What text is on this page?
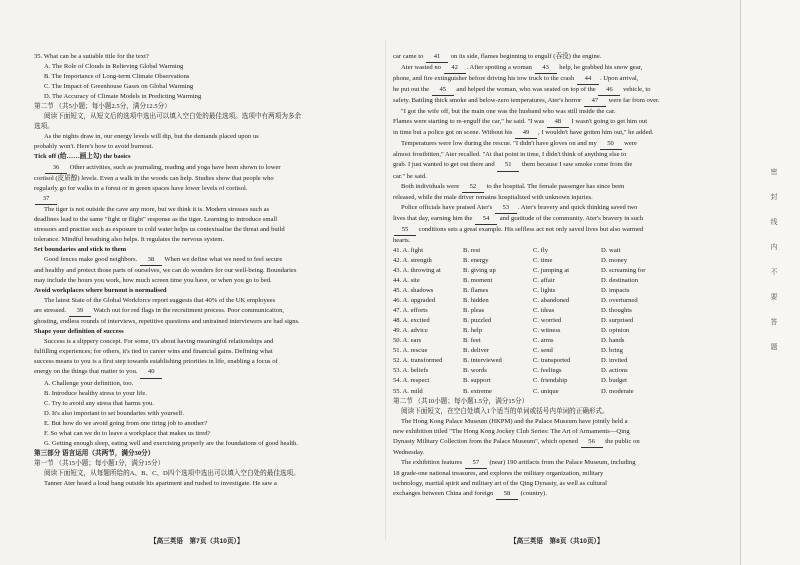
35. What can be a suitable title for the text?
A. The Role of Clouds in Relieving Global Warming
B. The Importance of Long-term Climate Observations
C. The Impact of Greenhouse Gases on Global Warming
D. The Accuracy of Climate Models in Predicting Warming
第二节 （共5小题；每小题2.5分，满分12.5分）
阅读下面短文，从短文后的选项中选出可以填入空白处的最佳选项。选项中有两项为多余
选项。
As the nights draw in, our energy levels will dip, but the demands placed upon us
probably won't. Here's how to avoid burnout.
Tick off (给……画上勾) the basics
36 Other activities, such as journaling, reading and yoga have been shown to lower
cortisol (皮质醇) levels. Even a walk in the woods can help. Studies show that people who
regularly go for walks in a forest or in green spaces have lower levels of cortisol.
37
The tiger is not outside the cave any more, but we think it is. Modern stresses such as
deadlines lead to the same "fight or flight" response as the tiger. Learning to introduce small
stressors and practise such as exposure to cold water helps us contextualise the threat and build
tolerance. Mindful breathing also helps. It regulates the nervous system.
Set boundaries and stick to them
Good fences make good neighbors. 38 When we define what we need to feel secure
and healthy and protect those parts of ourselves, we can do wonders for our well-being. Boundaries
may include the hours you work, how much screen time you have, or when you go to bed.
Avoid workplaces where burnout is normalised
The latest State of the Global Workforce report suggests that 40% of the UK employees
are stressed. 39 Watch out for red flags in the recruitment process. Poor communication,
ghosting, endless rounds of interviews, repetitive questions and untrained interviewers are bad signs.
Shape your definition of success
Success is a slippery concept. For some, it's about having meaningful relationships and
fulfilling experiences; for others, it's tied to career wins and financial gains. Defining what
success means to you is a first step towards establishing priorities in life, enabling a focus of
energy on the things that matter to you. 40
A. Challenge your definition, too.
B. Introduce healthy stress to your life.
C. Try to avoid any stress that harms you.
D. It's also important to set boundaries with yourself.
E. But how do we avoid going from one tiring job to another?
F. So what can we do to leave a workplace that makes us tired?
G. Getting enough sleep, eating well and exercising properly are the foundations of good health.
第三部分 语言运用（共两节，满分30分）
第一节 （共15小题；每小题1分，满分15分）
阅读下面短文，从每题所给的A、B、C、D四个选项中选出可以填入空白处的最佳选项。
Tanner Ater heard a loud bang outside his apartment and rushed to investigate. He saw a
【高三英语　第7页（共10页）】
car came to 41 on its side, flames beginning to engulf (吞没) the engine.
Ater wasted no 42 . After spotting a woman 43 help, he grabbed his snow gear,
phone, and fire extinguisher before driving his tow truck to the crash 44 . Upon arrival,
he put out the 45 and helped the woman, who was seated on top of the 46 vehicle, to
safety. Battling thick smoke and below-zero temperatures, Ater's horror 47 were far from over.
"I got the wife off, but the main one was the husband who was still inside the car.
Flames were starting to re-engulf the car," he said. "I was 48 I wasn't going to get him out
in time but a police got on scene. Without his 49 , I wouldn't have gotten him out," he added.
Temperatures were low during the rescue. "I didn't have gloves on and my 50 were
almost frostbitten," Ater recalled. "At that point in time, I didn't think of anything else to
grab. I just wanted to get out there and 51 them because I saw smoke come from the
car." he said.
Both individuals were 52 to the hospital. The female passenger has since been
released, while the male driver remains hospitalized with unknown injuries.
Police officials have praised Ater's 53 . Ater's bravery and quick thinking saved two
lives that day, earning him the 54 and gratitude of the community. Ater's bravery in such
55 conditions sets a great example. His selfless act not only saved lives but also warmed
hearts.
41. A. fight	B. rest	C. fly	D. wait
42. A. strength	B. energy	C. time	D. money
43. A. throwing at	B. giving up	C. jumping at	D. screaming for
44. A. site	B. moment	C. affair	D. destination
45. A. shadows	B. flames	C. lights	D. impacts
46. A. upgraded	B. hidden	C. abandoned	D. overturned
47. A. efforts	B. pleas	C. ideas	D. thoughts
48. A. excited	B. puzzled	C. worried	D. surprised
49. A. advice	B. help	C. witness	D. opinion
50. A. ears	B. feet	C. arms	D. hands
51. A. rescue	B. deliver	C. send	D. bring
52. A. transformed	B. interviewed	C. transported	D. invited
53. A. beliefs	B. words	C. feelings	D. actions
54. A. respect	B. support	C. friendship	D. budget
55. A. mild	B. extreme	C. unique	D. moderate
第二节 （共10小题；每小题1.5分，满分15分）
阅读下面短文，在空白处填入1个适当的单词或括号内单词的正确形式。
The Hong Kong Palace Museum (HKPM) and the Palace Museum have jointly held a
new exhibition titled "The Hong Kong Jockey Club Series: The Art of Armaments—Qing
Dynasty Military Collection from the Palace Museum", which opened 56 the public on
Wednesday.
The exhibition features 57 (near) 190 artifacts from the Palace Museum, including
18 grade-one national treasures, and explores the military organization, military
technology, martial spirit and military art of the Qing Dynasty, as well as cultural
exchanges between China and foreign 58 (country).
【高三英语　第8页（共10页）】
密 封 线 内 不 要 答 题
